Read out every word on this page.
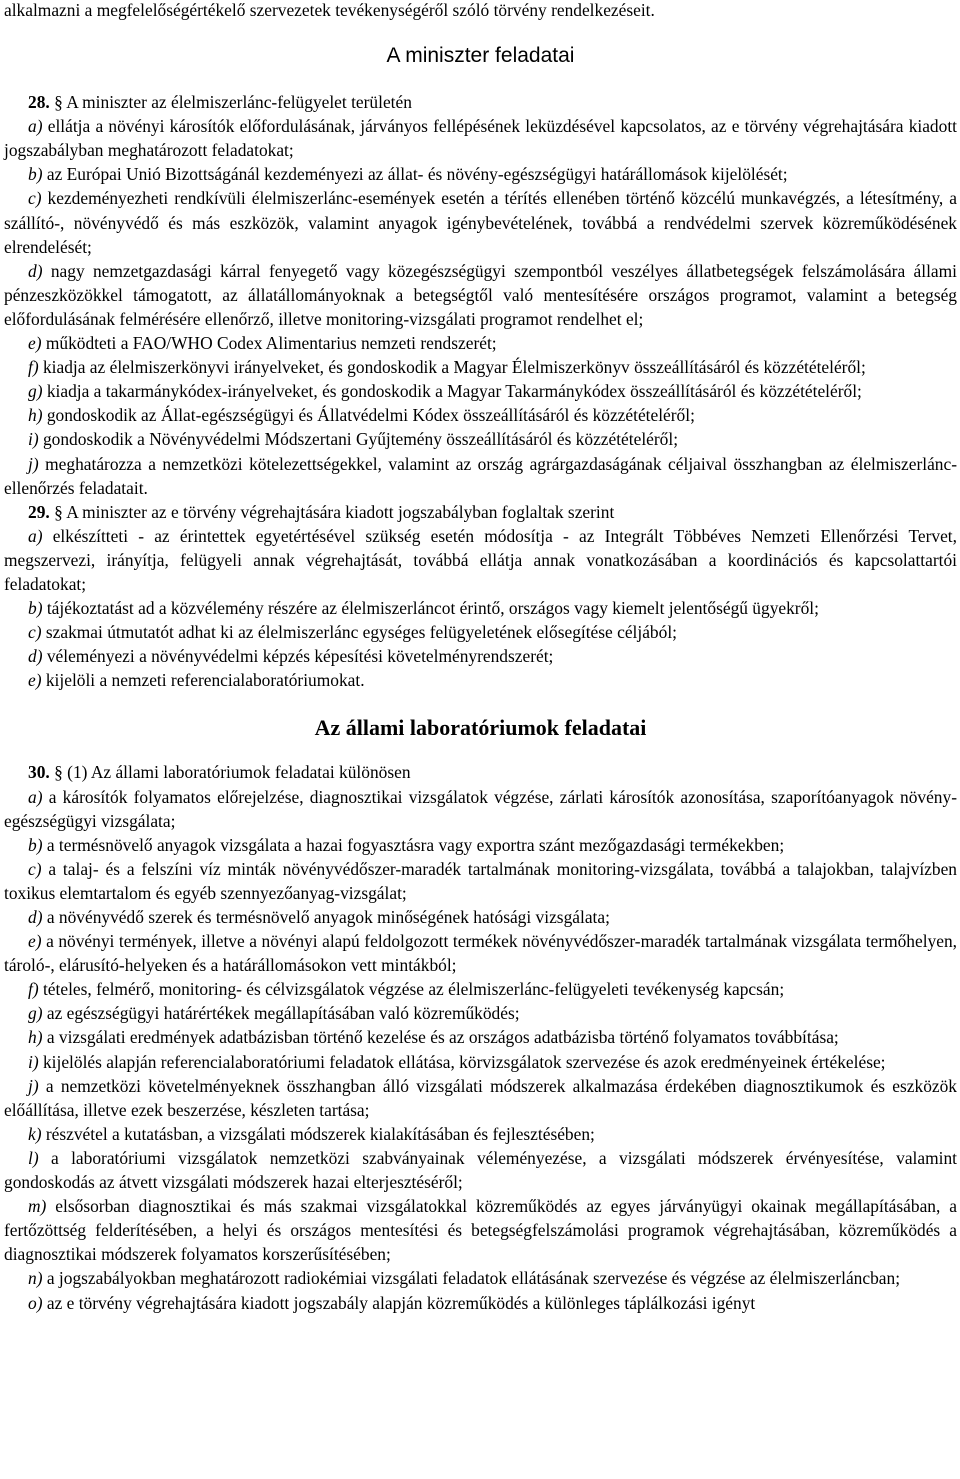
alkalmazni a megfelelőségértékelő szervezetek tevékenységéről szóló törvény rendelkezéseit.

A miniszter feladatai

28. § A miniszter az élelmiszerlánc-felügyelet területén

a) ellátja a növényi károsítók előfordulásának, járványos fellépésének leküzdésével kapcsolatos, az e törvény végrehajtására kiadott jogszabályban meghatározott feladatokat;

b) az Európai Unió Bizottságánál kezdeményezi az állat- és növény-egészségügyi határállomások kijelölését;

c) kezdeményezheti rendkívüli élelmiszerlánc-események esetén a térítés ellenében történő közcélú munkavégzés, a létesítmény, a szállító-, növényvédő és más eszközök, valamint anyagok igénybevételének, továbbá a rendvédelmi szervek közreműködésének elrendelését;

d) nagy nemzetgazdasági kárral fenyegető vagy közegészségügyi szempontból veszélyes állatbetegségek felszámolására állami pénzeszközökkel támogatott, az állatállományoknak a betegségtől való mentesítésére országos programot, valamint a betegség előfordulásának felmérésére ellenőrző, illetve monitoring-vizsgálati programot rendelhet el;

e) működteti a FAO/WHO Codex Alimentarius nemzeti rendszerét;

f) kiadja az élelmiszerkönyvi irányelveket, és gondoskodik a Magyar Élelmiszerkönyv összeállításáról és közzétételéről;

g) kiadja a takarmánykódex-irányelveket, és gondoskodik a Magyar Takarmánykódex összeállításáról és közzétételéről;

h) gondoskodik az Állat-egészségügyi és Állatvédelmi Kódex összeállításáról és közzétételéről;

i) gondoskodik a Növényvédelmi Módszertani Gyűjtemény összeállításáról és közzétételéről;

j) meghatározza a nemzetközi kötelezettségekkel, valamint az ország agrárgazdaságának céljaival összhangban az élelmiszerlánc-ellenőrzés feladatait.

29. § A miniszter az e törvény végrehajtására kiadott jogszabályban foglaltak szerint

a) elkészítteti - az érintettek egyetértésével szükség esetén módosítja - az Integrált Többéves Nemzeti Ellenőrzési Tervet, megszervezi, irányítja, felügyeli annak végrehajtását, továbbá ellátja annak vonatkozásában a koordinációs és kapcsolattartói feladatokat;

b) tájékoztatást ad a közvélemény részére az élelmiszerláncot érintő, országos vagy kiemelt jelentőségű ügyekről;

c) szakmai útmutatót adhat ki az élelmiszerlánc egységes felügyeletének elősegítése céljából;

d) véleményezi a növényvédelmi képzés képesítési követelményrendszerét;

e) kijelöli a nemzeti referencialaboratóriumokat.

Az állami laboratóriumok feladatai

30. § (1) Az állami laboratóriumok feladatai különösen

a) a károsítók folyamatos előrejelzése, diagnosztikai vizsgálatok végzése, zárlati károsítók azonosítása, szaporítóanyagok növény-egészségügyi vizsgálata;

b) a termésnövelő anyagok vizsgálata a hazai fogyasztásra vagy exportra szánt mezőgazdasági termékekben;

c) a talaj- és a felszíni víz minták növényvédőszer-maradék tartalmának monitoring-vizsgálata, továbbá a talajokban, talajvízben toxikus elemtartalom és egyéb szennyezőanyag-vizsgálat;

d) a növényvédő szerek és termésnövelő anyagok minőségének hatósági vizsgálata;

e) a növényi termények, illetve a növényi alapú feldolgozott termékek növényvédőszer-maradék tartalmának vizsgálata termőhelyen, tároló-, elárusító-helyeken és a határállomásokon vett mintákból;

f) tételes, felmérő, monitoring- és célvizsgálatok végzése az élelmiszerlánc-felügyeleti tevékenység kapcsán;

g) az egészségügyi határértékek megállapításában való közreműködés;

h) a vizsgálati eredmények adatbázisban történő kezelése és az országos adatbázisba történő folyamatos továbbítása;

i) kijelölés alapján referencialaboratóriumi feladatok ellátása, körvizsgálatok szervezése és azok eredményeinek értékelése;

j) a nemzetközi követelményeknek összhangban álló vizsgálati módszerek alkalmazása érdekében diagnosztikumok és eszközök előállítása, illetve ezek beszerzése, készleten tartása;

k) részvétel a kutatásban, a vizsgálati módszerek kialakításában és fejlesztésében;

l) a laboratóriumi vizsgálatok nemzetközi szabványainak véleményezése, a vizsgálati módszerek érvényesítése, valamint gondoskodás az átvett vizsgálati módszerek hazai elterjesztéséről;

m) elsősorban diagnosztikai és más szakmai vizsgálatokkal közreműködés az egyes járványügyi okainak megállapításában, a fertőzöttség felderítésében, a helyi és országos mentesítési és betegségfelszámolási programok végrehajtásában, közreműködés a diagnosztikai módszerek folyamatos korszerűsítésében;

n) a jogszabályokban meghatározott radiokémiai vizsgálati feladatok ellátásának szervezése és végzése az élelmiszerláncban;

o) az e törvény végrehajtására kiadott jogszabály alapján közreműködés a különleges táplálkozási igényt
